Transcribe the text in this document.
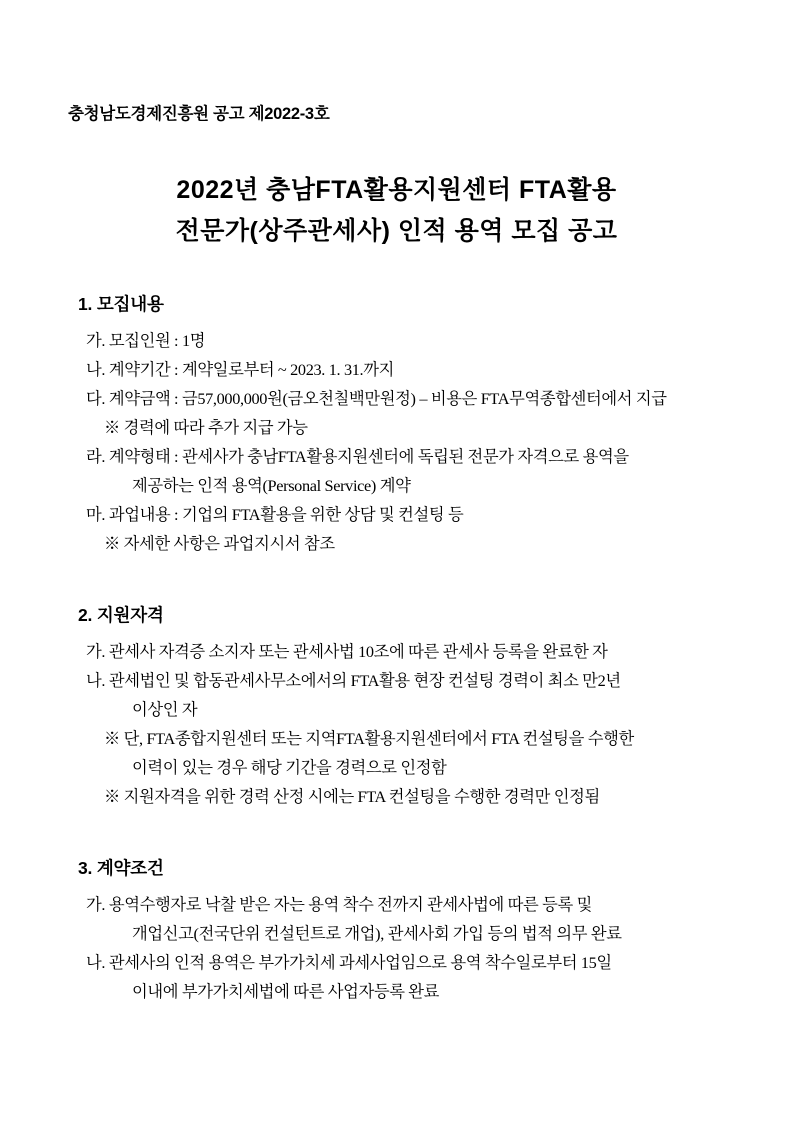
충청남도경제진흥원 공고 제2022-3호
2022년 충남FTA활용지원센터 FTA활용
전문가(상주관세사) 인적 용역 모집 공고
1. 모집내용
가. 모집인원 : 1명
나. 계약기간 : 계약일로부터 ~ 2023. 1. 31.까지
다. 계약금액 : 금57,000,000원(금오천칠백만원정) – 비용은 FTA무역종합센터에서 지급
※ 경력에 따라 추가 지급 가능
라. 계약형태 : 관세사가 충남FTA활용지원센터에 독립된 전문가 자격으로 용역을
제공하는 인적 용역(Personal Service) 계약
마. 과업내용 : 기업의 FTA활용을 위한 상담 및 컨설팅 등
※ 자세한 사항은 과업지시서 참조
2. 지원자격
가. 관세사 자격증 소지자 또는 관세사법 10조에 따른 관세사 등록을 완료한 자
나. 관세법인 및 합동관세사무소에서의 FTA활용 현장 컨설팅 경력이 최소 만2년
이상인 자
※ 단, FTA종합지원센터 또는 지역FTA활용지원센터에서 FTA 컨설팅을 수행한
이력이 있는 경우 해당 기간을 경력으로 인정함
※ 지원자격을 위한 경력 산정 시에는 FTA 컨설팅을 수행한 경력만 인정됨
3. 계약조건
가. 용역수행자로 낙찰 받은 자는 용역 착수 전까지 관세사법에 따른 등록 및
개업신고(전국단위 컨설턴트로 개업), 관세사회 가입 등의 법적 의무 완료
나. 관세사의 인적 용역은 부가가치세 과세사업임으로 용역 착수일로부터 15일
이내에 부가가치세법에 따른 사업자등록 완료
